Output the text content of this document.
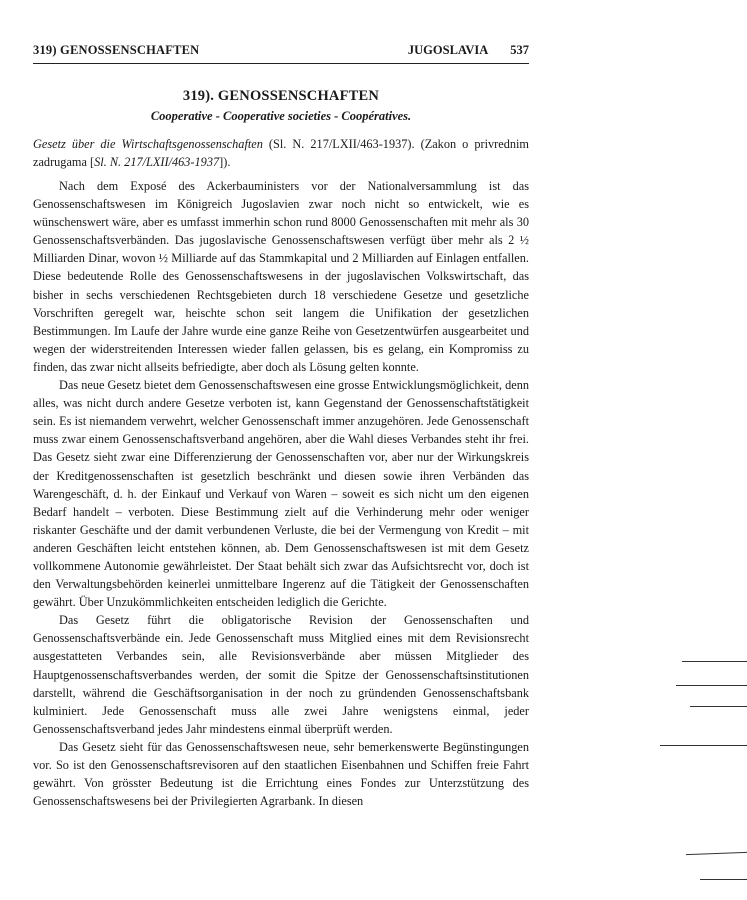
319) GENOSSENSCHAFTEN	JUGOSLAVIA 537
319). GENOSSENSCHAFTEN
Cooperative - Cooperative societies - Coopératives.
Gesetz über die Wirtschaftsgenossenschaften (Sl. N. 217/LXII/463-1937). (Zakon o privrednim zadrugama [Sl. N. 217/LXII/463-1937]).

Nach dem Exposé des Ackerbauministers vor der Nationalversammlung ist das Genossenschaftswesen im Königreich Jugoslavien zwar noch nicht so entwickelt, wie es wünschenswert wäre, aber es umfasst immerhin schon rund 8000 Genossenschaften mit mehr als 30 Genossenschaftsverbänden. Das jugoslavische Genossenschaftswesen verfügt über mehr als 2 ½ Milliarden Dinar, wovon ½ Milliarde auf das Stammkapital und 2 Milliarden auf Einlagen entfallen. Diese bedeutende Rolle des Genossenschaftswesens in der jugoslavischen Volkswirtschaft, das bisher in sechs verschiedenen Rechtsgebieten durch 18 verschiedene Gesetze und gesetzliche Vorschriften geregelt war, heischte schon seit langem die Unifikation der gesetzlichen Bestimmungen. Im Laufe der Jahre wurde eine ganze Reihe von Gesetzentwürfen ausgearbeitet und wegen der widerstreitenden Interessen wieder fallen gelassen, bis es gelang, ein Kompromiss zu finden, das zwar nicht allseits befriedigte, aber doch als Lösung gelten konnte.

Das neue Gesetz bietet dem Genossenschaftswesen eine grosse Entwicklungsmöglichkeit, denn alles, was nicht durch andere Gesetze verboten ist, kann Gegenstand der Genossenschaftstätigkeit sein. Es ist niemandem verwehrt, welcher Genossenschaft immer anzugehören. Jede Genossenschaft muss zwar einem Genossenschaftsverband angehören, aber die Wahl dieses Verbandes steht ihr frei. Das Gesetz sieht zwar eine Differenzierung der Genossenschaften vor, aber nur der Wirkungskreis der Kreditgenossenschaften ist gesetzlich beschränkt und diesen sowie ihren Verbänden das Warengeschäft, d. h. der Einkauf und Verkauf von Waren – soweit es sich nicht um den eigenen Bedarf handelt – verboten. Diese Bestimmung zielt auf die Verhinderung mehr oder weniger riskanter Geschäfte und der damit verbundenen Verluste, die bei der Vermengung von Kredit – mit anderen Geschäften leicht entstehen können, ab. Dem Genossenschaftswesen ist mit dem Gesetz vollkommene Autonomie gewährleistet. Der Staat behält sich zwar das Aufsichtsrecht vor, doch ist den Verwaltungsbehörden keinerlei unmittelbare Ingerenz auf die Tätigkeit der Genossenschaften gewährt. Über Unzukömmlichkeiten entscheiden lediglich die Gerichte.

Das Gesetz führt die obligatorische Revision der Genossenschaften und Genossenschaftsverbände ein. Jede Genossenschaft muss Mitglied eines mit dem Revisionsrecht ausgestatteten Verbandes sein, alle Revisionsverbände aber müssen Mitglieder des Hauptgenossenschaftsverbandes werden, der somit die Spitze der Genossenschaftsinstitutionen darstellt, während die Geschäftsorganisation in der noch zu gründenden Genossenschaftsbank kulminiert. Jede Genossenschaft muss alle zwei Jahre wenigstens einmal, jeder Genossenschaftsverband jedes Jahr mindestens einmal überprüft werden.

Das Gesetz sieht für das Genossenschaftswesen neue, sehr bemerkenswerte Begünstingungen vor. So ist den Genossenschaftsrevisoren auf den staatlichen Eisenbahnen und Schiffen freie Fahrt gewährt. Von grösster Bedeutung ist die Errichtung eines Fondes zur Unterzstützung des Genossenschaftswesens bei der Privilegierten Agrarbank. In diesen
